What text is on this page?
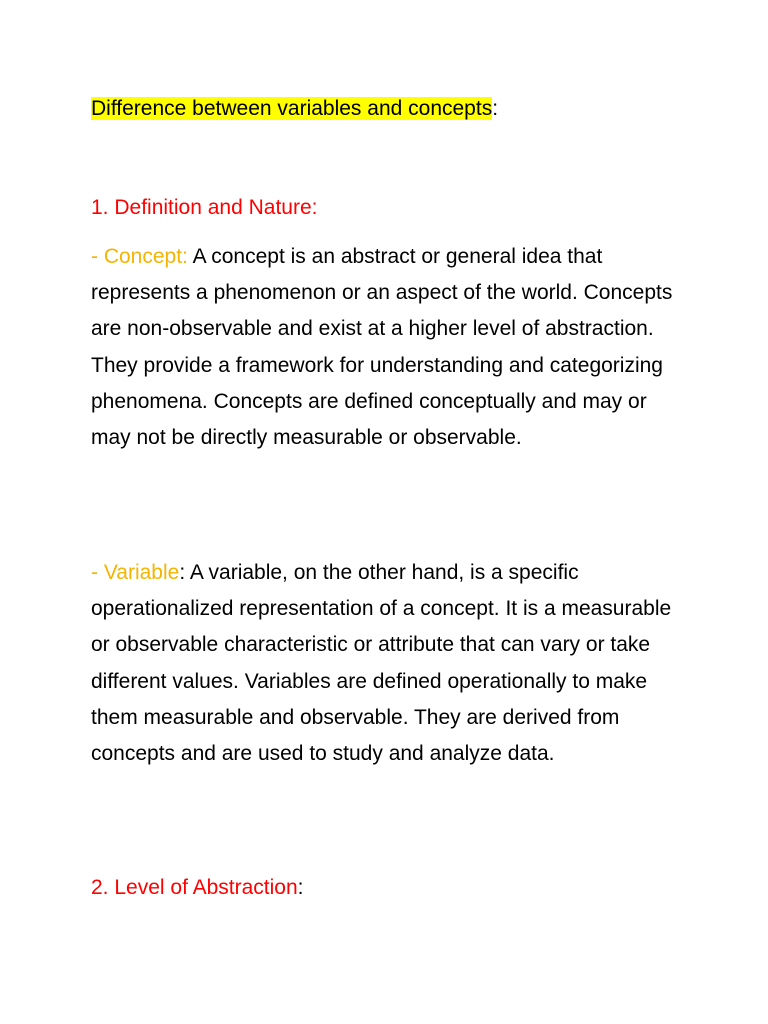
Difference between variables and concepts:
1. Definition and Nature:
- Concept: A concept is an abstract or general idea that represents a phenomenon or an aspect of the world. Concepts are non-observable and exist at a higher level of abstraction. They provide a framework for understanding and categorizing phenomena. Concepts are defined conceptually and may or may not be directly measurable or observable.
- Variable: A variable, on the other hand, is a specific operationalized representation of a concept. It is a measurable or observable characteristic or attribute that can vary or take different values. Variables are defined operationally to make them measurable and observable. They are derived from concepts and are used to study and analyze data.
2. Level of Abstraction:
